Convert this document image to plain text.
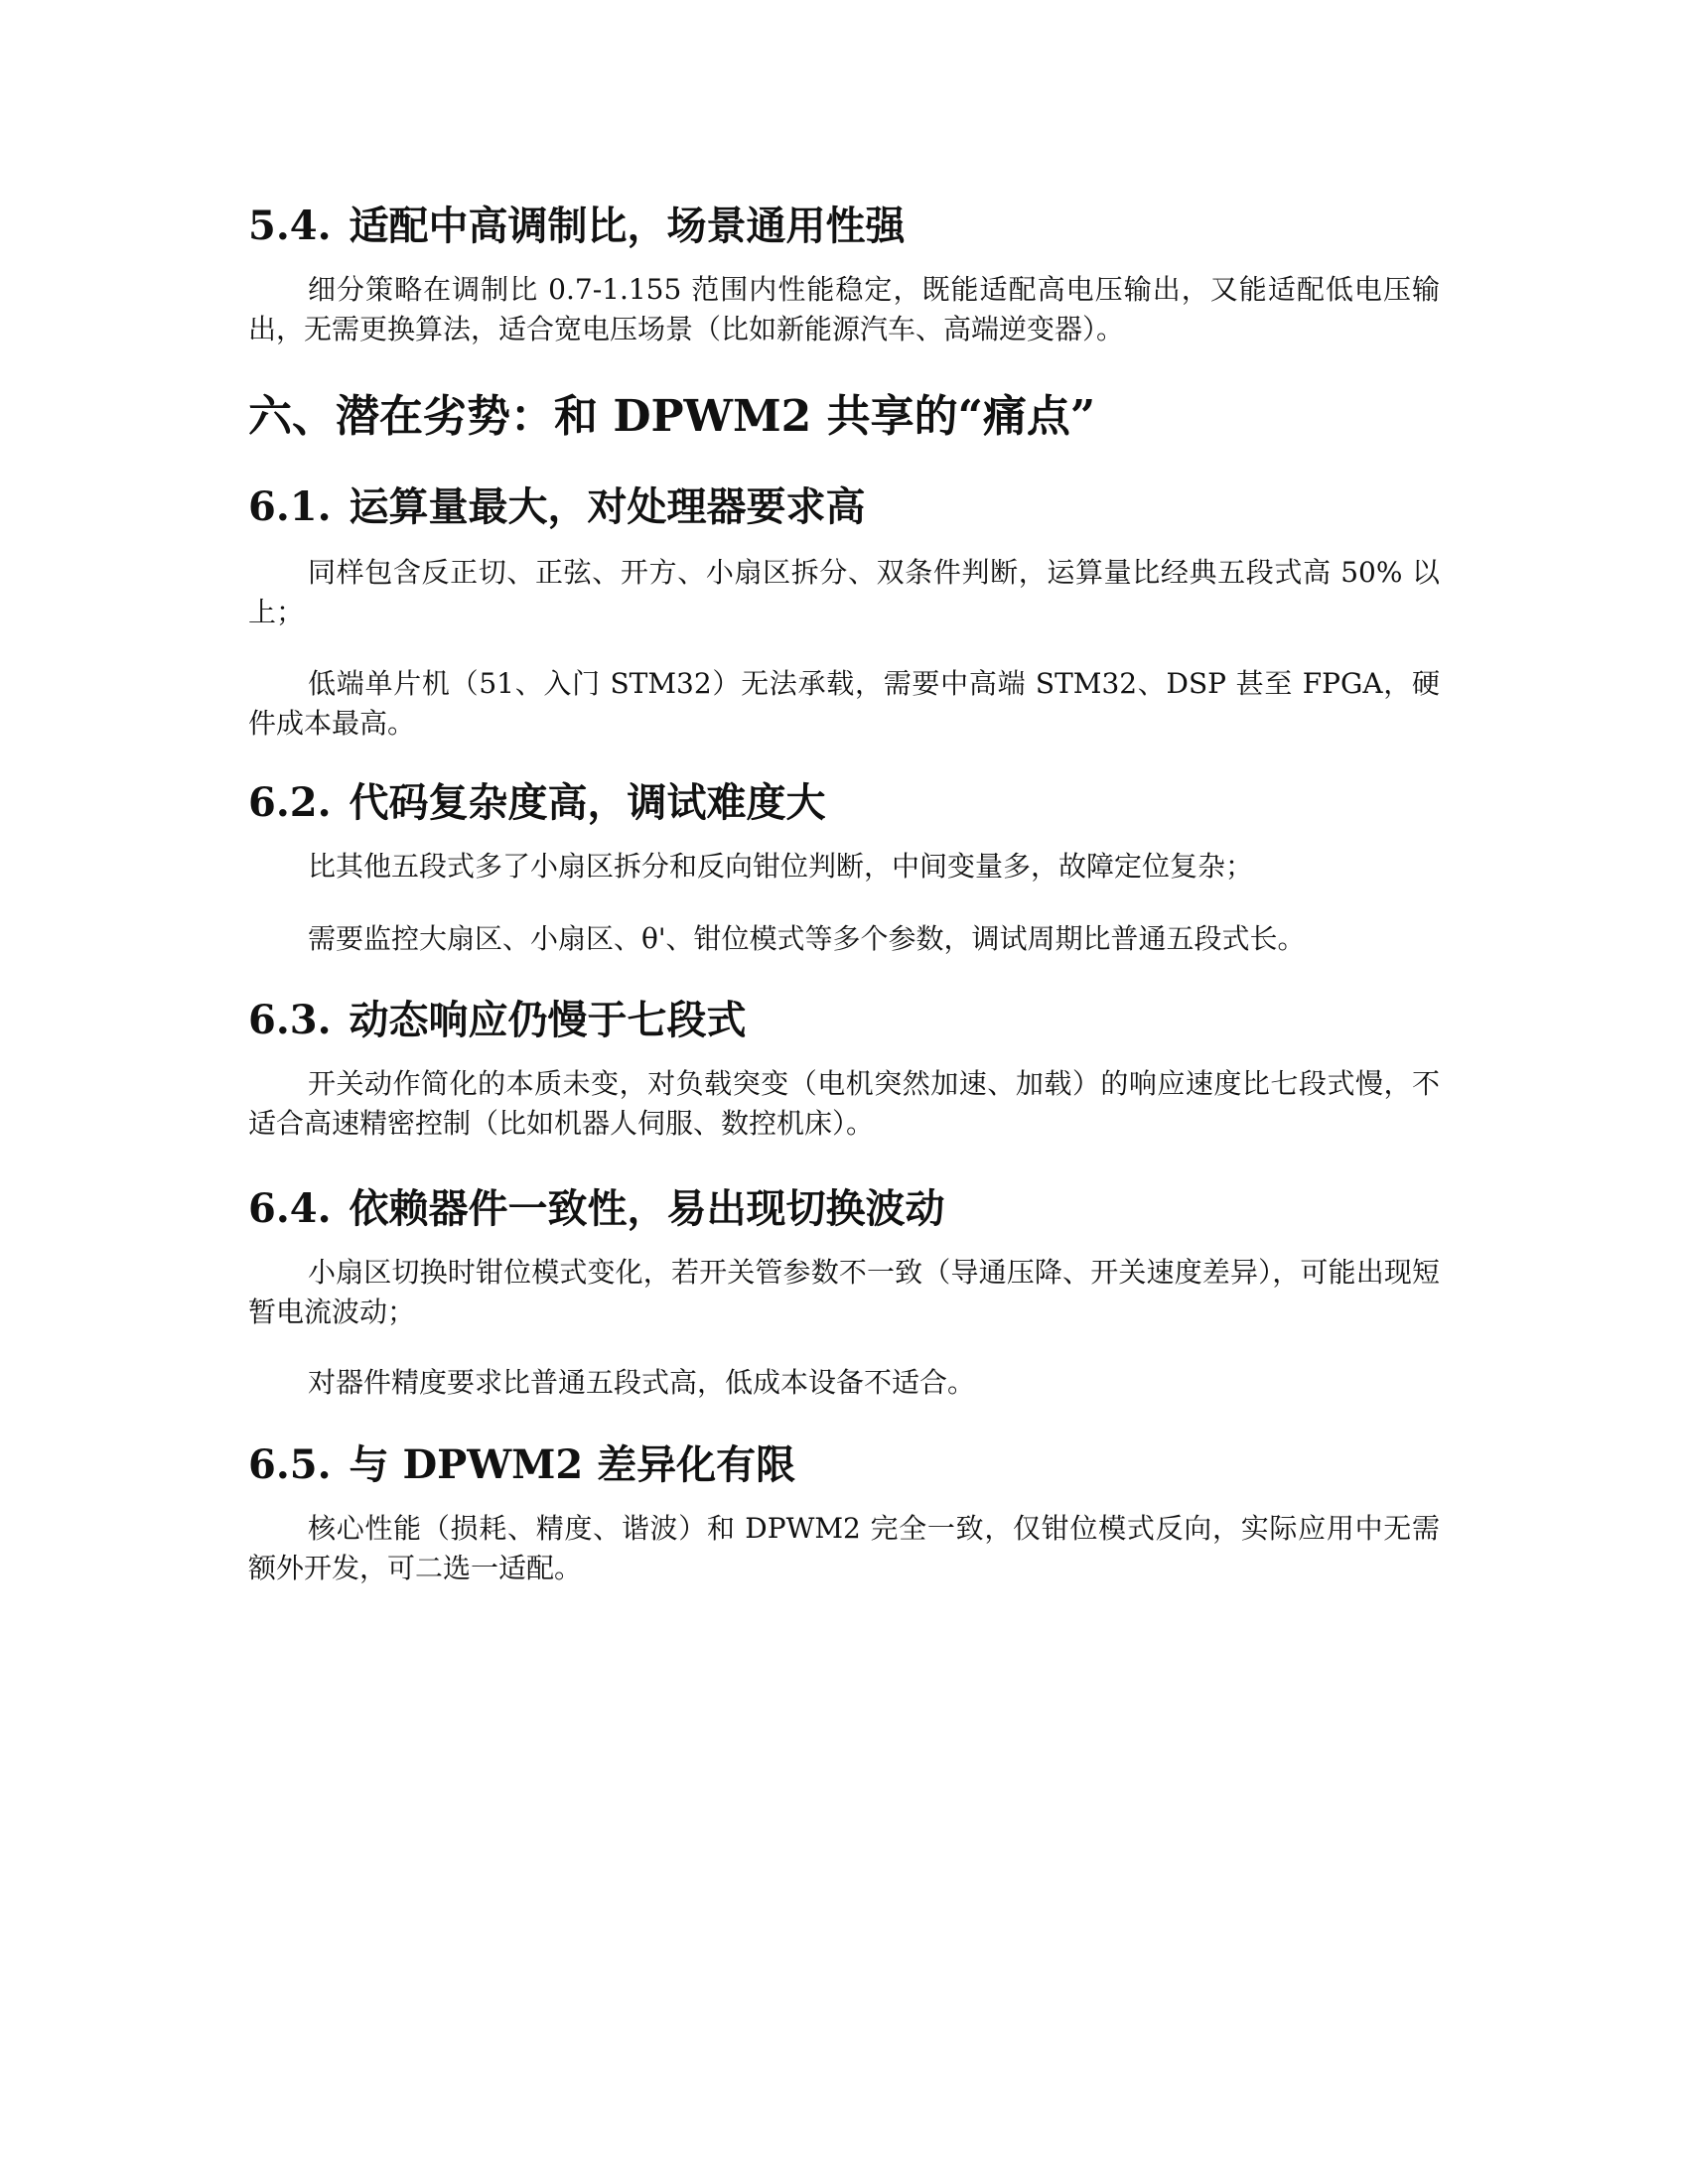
5.4. 适配中高调制比，场景通用性强

细分策略在调制比 0.7-1.155 范围内性能稳定，既能适配高电压输出，又能适配低电压输出，无需更换算法，适合宽电压场景（比如新能源汽车、高端逆变器）。

六、潜在劣势：和 DPWM2 共享的“痛点”
6.1. 运算量最大，对处理器要求高

同样包含反正切、正弦、开方、小扇区拆分、双条件判断，运算量比经典五段式高 50% 以上；

低端单片机（51、入门 STM32）无法承载，需要中高端 STM32、DSP 甚至 FPGA，硬件成本最高。

6.2. 代码复杂度高，调试难度大

比其他五段式多了小扇区拆分和反向钳位判断，中间变量多，故障定位复杂；

需要监控大扇区、小扇区、θ'、钳位模式等多个参数，调试周期比普通五段式长。

6.3. 动态响应仍慢于七段式

开关动作简化的本质未变，对负载突变（电机突然加速、加载）的响应速度比七段式慢，不适合高速精密控制（比如机器人伺服、数控机床）。

6.4. 依赖器件一致性，易出现切换波动

小扇区切换时钳位模式变化，若开关管参数不一致（导通压降、开关速度差异），可能出现短暂电流波动；

对器件精度要求比普通五段式高，低成本设备不适合。

6.5. 与 DPWM2 差异化有限

核心性能（损耗、精度、谐波）和 DPWM2 完全一致，仅钳位模式反向，实际应用中无需额外开发，可二选一适配。
